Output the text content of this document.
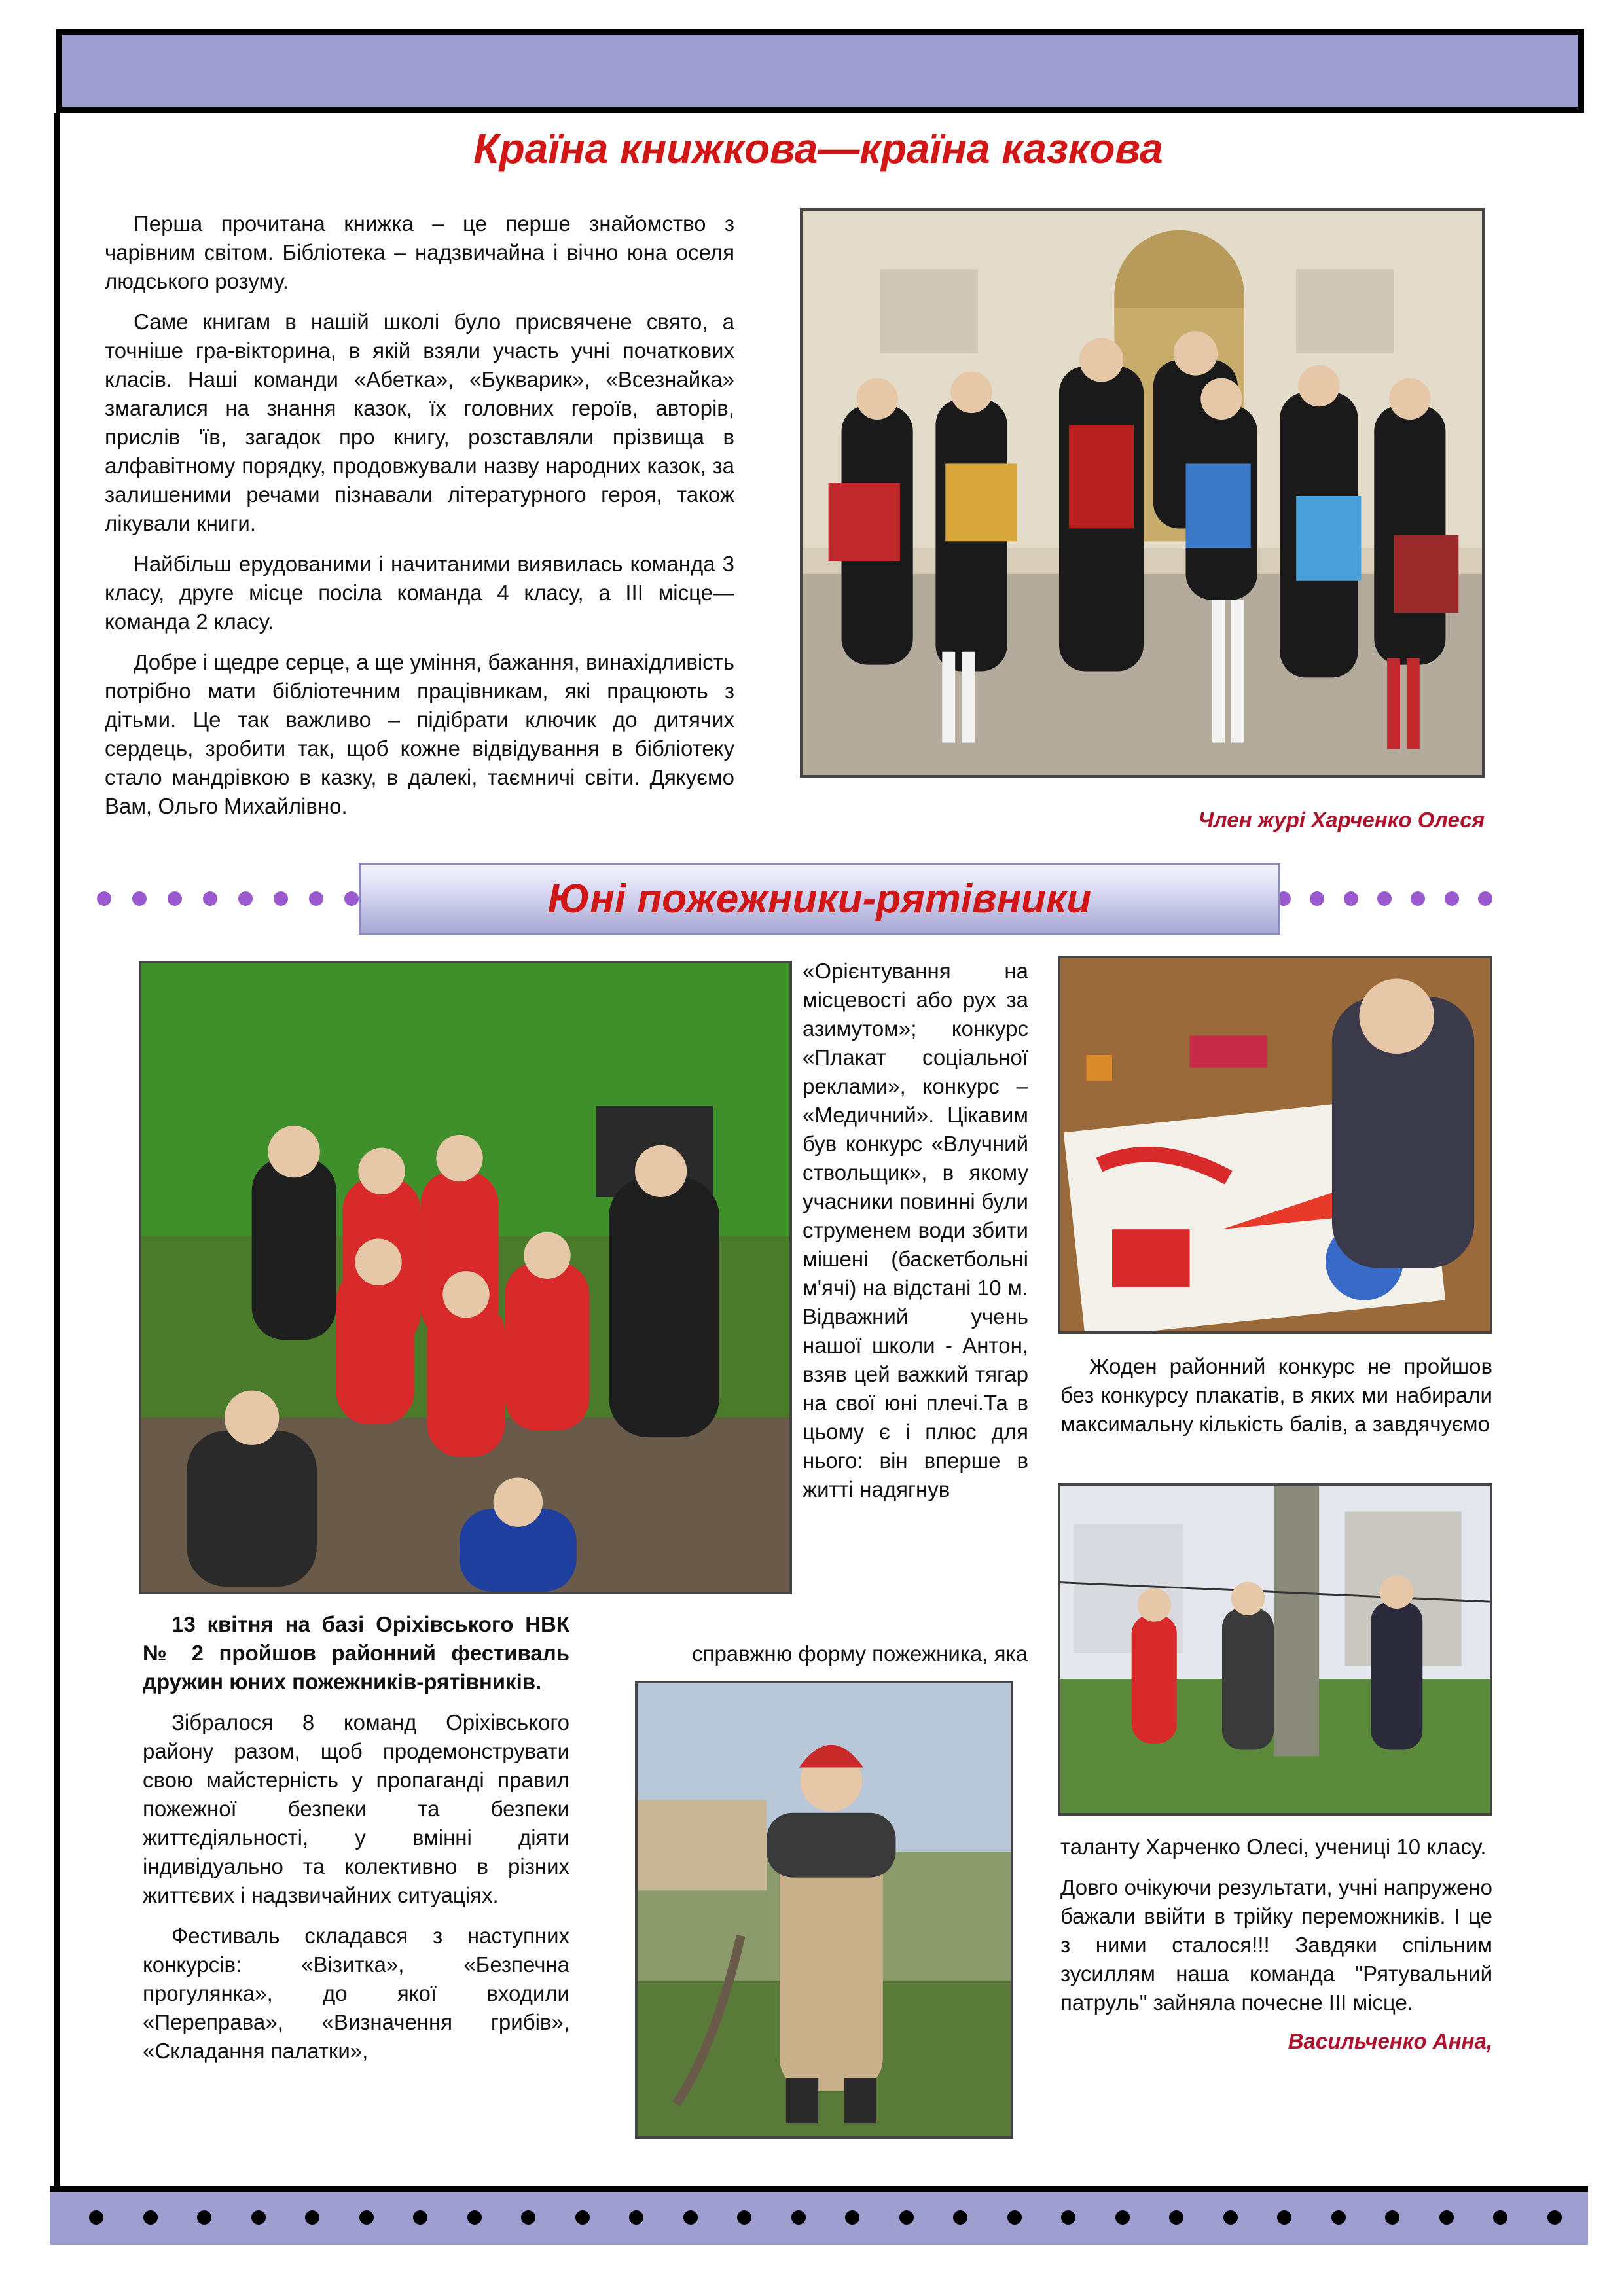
Країна книжкова—країна казкова

Перша прочитана книжка – це перше знайомство з чарівним світом. Бібліотека – надзвичайна і вічно юна оселя людського розуму.

Саме книгам в нашій школі було присвячене свято, а точніше гра-вікторина, в якій взяли участь учні початкових класів. Наші команди «Абетка», «Букварик», «Всезнайка» змагалися на знання казок, їх головних героїв, авторів, прислів 'їв, загадок про книгу, розставляли прізвища в алфавітному порядку, продовжували назву народних казок, за залишеними речами пізнавали літературного героя, також лікували книги.

Найбільш ерудованими і начитаними виявилась команда 3 класу, друге місце посіла команда 4 класу, а ІІІ місце—команда 2 класу.

Добре і щедре серце, а ще уміння, бажання, винахідливість потрібно мати бібліотечним працівникам, які працюють з дітьми. Це так важливо – підібрати ключик до дитячих сердець, зробити так, щоб кожне відвідування в бібліотеку стало мандрівкою в казку, в далекі, таємничі світи. Дякуємо Вам, Ольго Михайлівно.

Член журі Харченко Олеся
Юні пожежники-рятівники

«Орієнтування на місцевості або рух за азимутом»; конкурс «Плакат соціальної реклами», конкурс – «Медичний». Цікавим був конкурс «Влучний ствольщик», в якому учасники повинні були струменем води збити мішені (баскетбольні м'ячі) на відстані 10 м. Відважний учень нашої школи - Антон, взяв цей важкий тягар на свої юні плечі.Та в цьому є і плюс для нього: він вперше в житті надягнув

13 квітня на базі Оріхівського НВК № 2 пройшов районний фестиваль дружин юних пожежників-рятівників.

Зібралося 8 команд Оріхівського району разом, щоб продемонструвати свою майстерність у пропаганді правил пожежної безпеки та безпеки життєдіяльності, у вмінні діяти індивідуально та колективно в різних життєвих і надзвичайних ситуаціях.

Фестиваль складався з наступних конкурсів: «Візитка», «Безпечна прогулянка», до якої входили «Переправа», «Визначення грибів», «Складання палатки»,

справжню форму пожежника, яка

Жоден районний конкурс не пройшов без конкурсу плакатів, в яких ми набирали максимальну кількість балів, а завдячуємо

таланту Харченко Олесі, учениці 10 класу.

Довго очікуючи результати, учні напружено бажали ввійти в трійку переможників. І це з ними сталося!!! Завдяки спільним зусиллям наша команда "Рятувальний патруль" зайняла почесне ІІІ місце.

Васильченко Анна,
